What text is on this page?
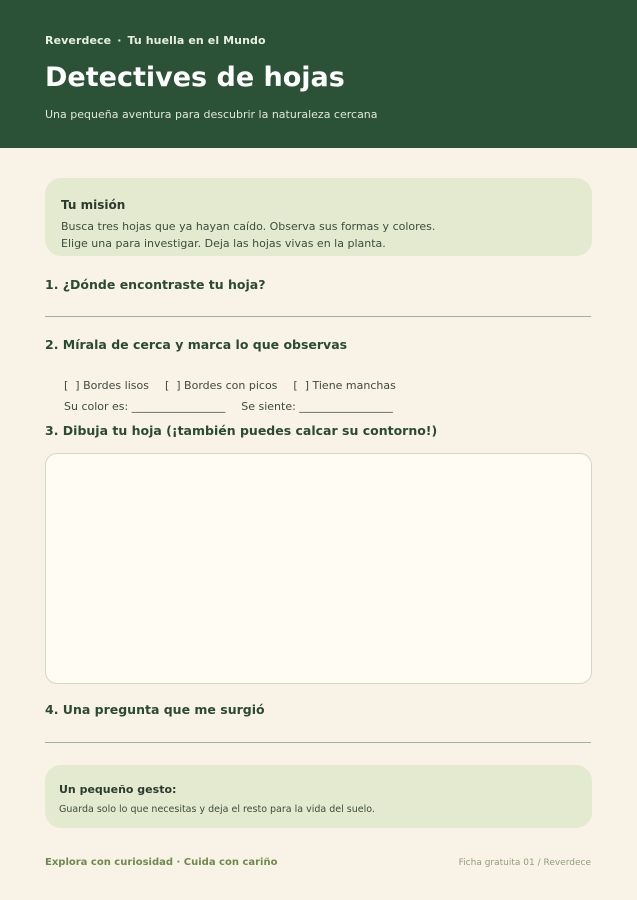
Reverdece · Tu huella en el Mundo
Detectives de hojas
Una pequeña aventura para descubrir la naturaleza cercana
Tu misión
Busca tres hojas que ya hayan caído. Observa sus formas y colores.
Elige una para investigar. Deja las hojas vivas en la planta.
1. ¿Dónde encontraste tu hoja?
2. Mírala de cerca y marca lo que observas

[  ] Bordes lisos [  ] Bordes con picos [  ] Tiene manchas

Su color es: _________________ Se siente: _________________

3. Dibuja tu hoja (¡también puedes calcar su contorno!)
4. Una pregunta que me surgió
Un pequeño gesto:
Guarda solo lo que necesitas y deja el resto para la vida del suelo.
Explora con curiosidad · Cuida con cariño	Ficha gratuita 01 / Reverdece
